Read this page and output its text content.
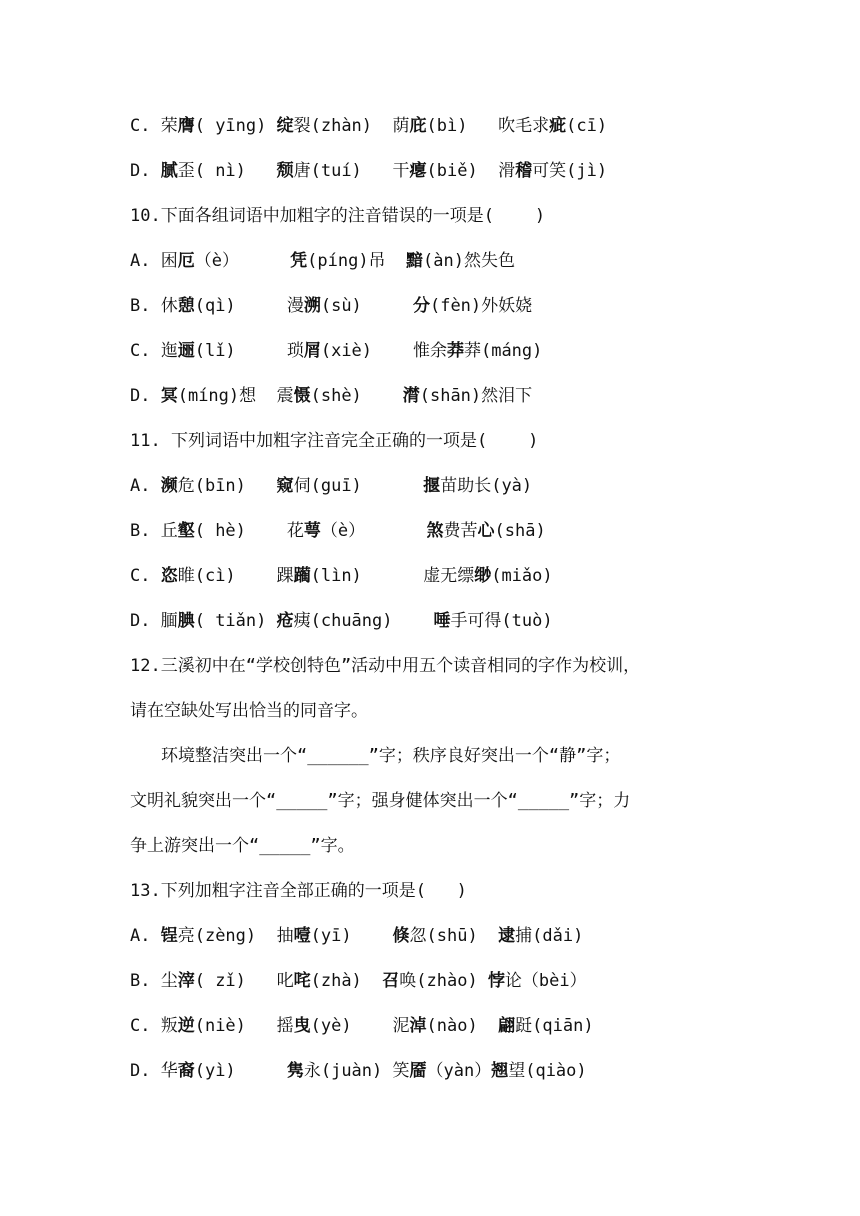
C. 荣膺( yīng) 绽裂(zhàn)  荫庇(bì)   吹毛求疵(cī)
D. 腻歪( nì)   颓唐(tuí)   干瘪(biě)  滑稽可笑(jì)
10.下面各组词语中加粗字的注音错误的一项是(    )
A. 困厄（è）     凭(píng)吊  黯(àn)然失色
B. 休憩(qì)     漫溯(sù)     分(fèn)外妖娆
C. 迤逦(lǐ)     琐屑(xiè)    惟余莽莽(máng)
D. 冥(míng)想  震慑(shè)    潸(shān)然泪下
11. 下列词语中加粗字注音完全正确的一项是(    )
A. 濒危(bīn)   窥伺(guī)      揠苗助长(yà)
B. 丘壑( hè)    花萼（è）      煞费苦心(shā)
C. 恣睢(cì)    踝躏(lìn)      虚无缥缈(miǎo)
D. 腼腆( tiǎn) 疮痍(chuāng)    唾手可得(tuò)
12.三溪初中在“学校创特色”活动中用五个读音相同的字作为校训，
请在空缺处写出恰当的同音字。
环境整洁突出一个“______”字；秩序良好突出一个“静”字；
文明礼貌突出一个“_____”字；强身健体突出一个“_____”字；力
争上游突出一个“_____”字。
13.下列加粗字注音全部正确的一项是(   )
A. 锃亮(zèng)  抽噎(yī)    倏忽(shū)  逮捕(dǎi)
B. 尘滓( zǐ)   叱咤(zhà)  召唤(zhào) 悖论（bèi）
C. 叛逆(niè)   摇曳(yè)    泥淖(nào)  翩跹(qiān)
D. 华裔(yì)     隽永(juàn) 笑靥（yàn）翘望(qiào)
